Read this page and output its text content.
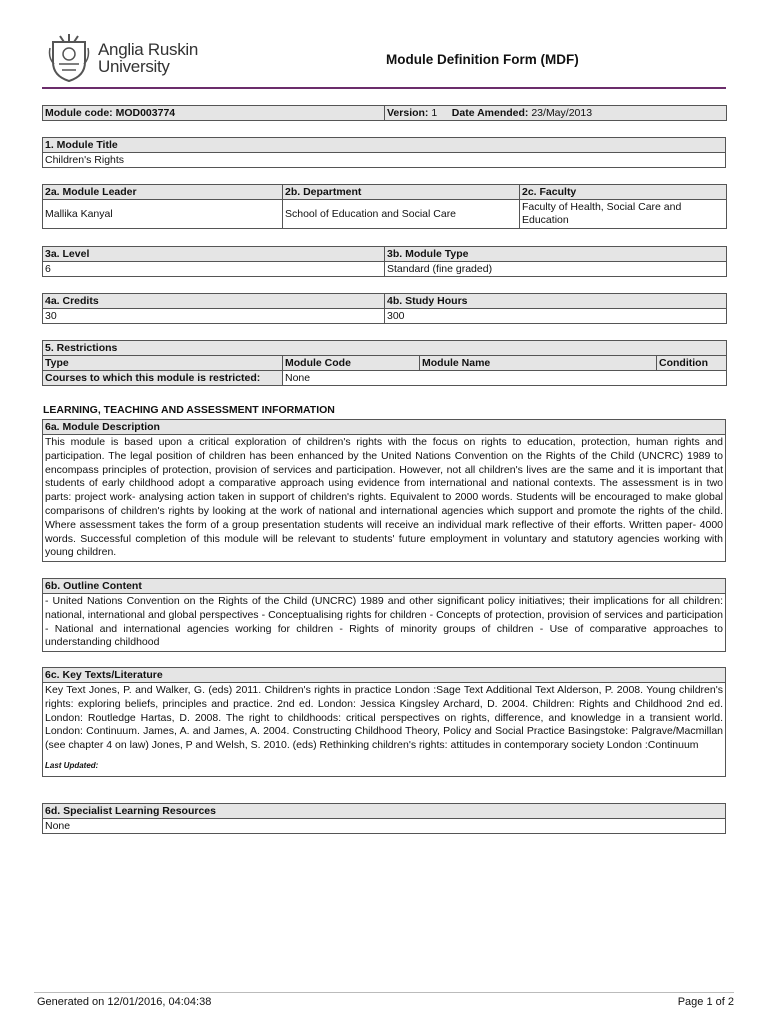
Anglia Ruskin
University	Module Definition Form (MDF)
Module code: MOD003774	Version: 1 Date Amended: 23/May/2013
1. Module Title
Children's Rights
2a. Module Leader	2b. Department	2c. Faculty
Mallika Kanyal	School of Education and Social Care	Faculty of Health, Social Care and Education
3a. Level	3b. Module Type
6	Standard (fine graded)
4a. Credits	4b. Study Hours
30	300
5. Restrictions			
Type	Module Code	Module Name	Condition
Courses to which this module is restricted:	None		
LEARNING, TEACHING AND ASSESSMENT INFORMATION
6a. Module Description
This module is based upon a critical exploration of children's rights with the focus on rights to education, protection, human rights and participation. The legal position of children has been enhanced by the United Nations Convention on the Rights of the Child (UNCRC) 1989 to encompass principles of protection, provision of services and participation. However, not all children's lives are the same and it is important that students of early childhood adopt a comparative approach using evidence from international and national contexts. The assessment is in two parts: project work- analysing action taken in support of children's rights. Equivalent to 2000 words. Students will be encouraged to make global comparisons of children's rights by looking at the work of national and international agencies which support and promote the rights of the child. Where assessment takes the form of a group presentation students will receive an individual mark reflective of their efforts. Written paper- 4000 words. Successful completion of this module will be relevant to students' future employment in voluntary and statutory agencies working with young children.
6b. Outline Content
- United Nations Convention on the Rights of the Child (UNCRC) 1989 and other significant policy initiatives; their implications for all children: national, international and global perspectives - Conceptualising rights for children - Concepts of protection, provision of services and participation - National and international agencies working for children - Rights of minority groups of children - Use of comparative approaches to understanding childhood
6c. Key Texts/Literature
Key Text Jones, P. and Walker, G. (eds) 2011. Children's rights in practice London :Sage Text Additional Text Alderson, P. 2008. Young children's rights: exploring beliefs, principles and practice. 2nd ed. London: Jessica Kingsley Archard, D. 2004. Children: Rights and Childhood 2nd ed. London: Routledge Hartas, D. 2008. The right to childhoods: critical perspectives on rights, difference, and knowledge in a transient world. London: Continuum. James, A. and James, A. 2004. Constructing Childhood Theory, Policy and Social Practice Basingstoke: Palgrave/Macmillan (see chapter 4 on law) Jones, P and Welsh, S. 2010. (eds) Rethinking children's rights: attitudes in contemporary society London :Continuum
Last Updated:
6d. Specialist Learning Resources
None
Generated on 12/01/2016, 04:04:38	Page 1 of 2
